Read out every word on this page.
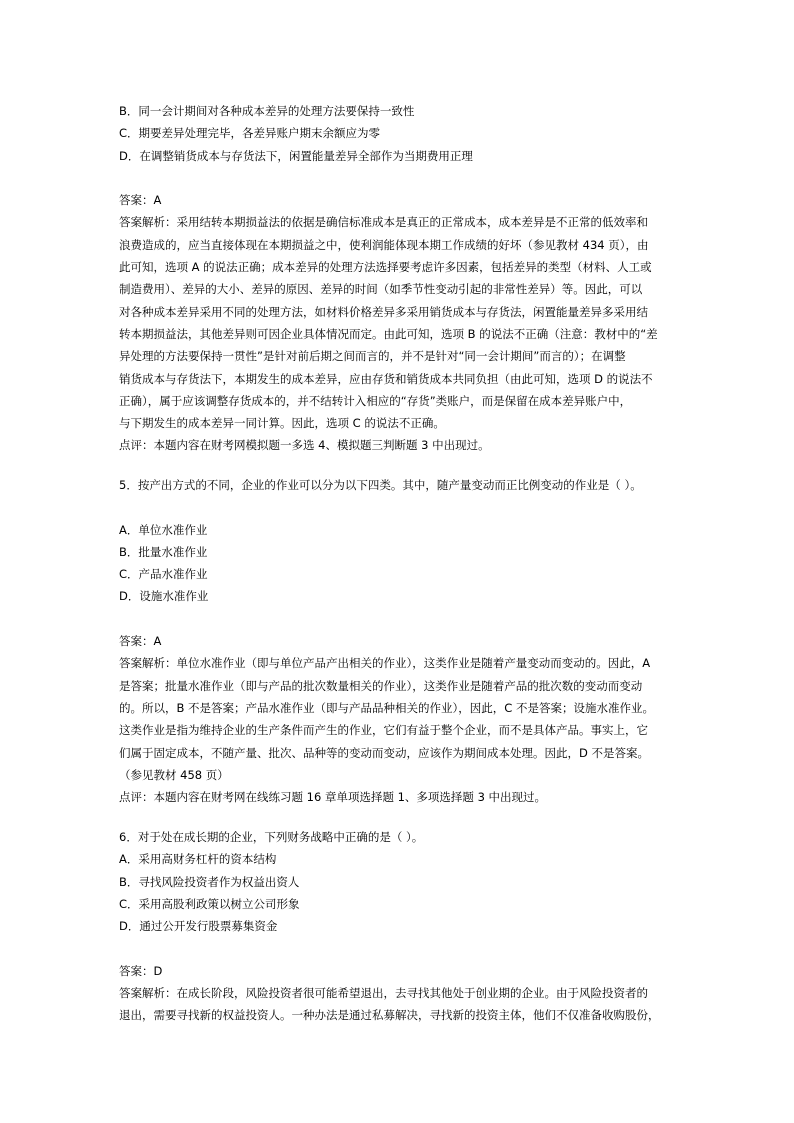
B．同一会计期间对各种成本差异的处理方法要保持一致性
C．期要差异处理完毕，各差异账户期末余额应为零
D．在调整销货成本与存货法下，闲置能量差异全部作为当期费用正理
答案：A
答案解析：采用结转本期损益法的依据是确信标准成本是真正的正常成本，成本差异是不正常的低效率和
浪费造成的，应当直接体现在本期损益之中，使利润能体现本期工作成绩的好坏（参见教材 434 页），由
此可知，选项 A 的说法正确；成本差异的处理方法选择要考虑许多因素，包括差异的类型（材料、人工或
制造费用）、差异的大小、差异的原因、差异的时间（如季节性变动引起的非常性差异）等。因此，可以
对各种成本差异采用不同的处理方法，如材料价格差异多采用销货成本与存货法，闲置能量差异多采用结
转本期损益法，其他差异则可因企业具体情况而定。由此可知，选项 B 的说法不正确（注意：教材中的“差
异处理的方法要保持一贯性”是针对前后期之间而言的，并不是针对“同一会计期间”而言的）；在调整
销货成本与存货法下，本期发生的成本差异，应由存货和销货成本共同负担（由此可知，选项 D 的说法不
正确），属于应该调整存货成本的，并不结转计入相应的“存货”类账户，而是保留在成本差异账户中，
与下期发生的成本差异一同计算。因此，选项 C 的说法不正确。
点评：本题内容在财考网模拟题一多选 4、模拟题三判断题 3 中出现过。
5．按产出方式的不同，企业的作业可以分为以下四类。其中，随产量变动而正比例变动的作业是（ ）。
A．单位水准作业
B．批量水准作业
C．产品水准作业
D．设施水准作业
答案：A
答案解析：单位水准作业（即与单位产品产出相关的作业），这类作业是随着产量变动而变动的。因此，A
是答案；批量水准作业（即与产品的批次数量相关的作业），这类作业是随着产品的批次数的变动而变动
的。所以，B 不是答案；产品水准作业（即与产品品种相关的作业），因此，C 不是答案；设施水准作业。
这类作业是指为维持企业的生产条件而产生的作业，它们有益于整个企业，而不是具体产品。事实上，它
们属于固定成本，不随产量、批次、品种等的变动而变动，应该作为期间成本处理。因此，D 不是答案。
（参见教材 458 页）
点评：本题内容在财考网在线练习题 16 章单项选择题 1、多项选择题 3 中出现过。
6．对于处在成长期的企业，下列财务战略中正确的是（ ）。
A．采用高财务杠杆的资本结构
B．寻找风险投资者作为权益出资人
C．采用高股利政策以树立公司形象
D．通过公开发行股票募集资金
答案：D
答案解析：在成长阶段，风险投资者很可能希望退出，去寻找其他处于创业期的企业。由于风险投资者的
退出，需要寻找新的权益投资人。一种办法是通过私募解决，寻找新的投资主体，他们不仅准备收购股份，
